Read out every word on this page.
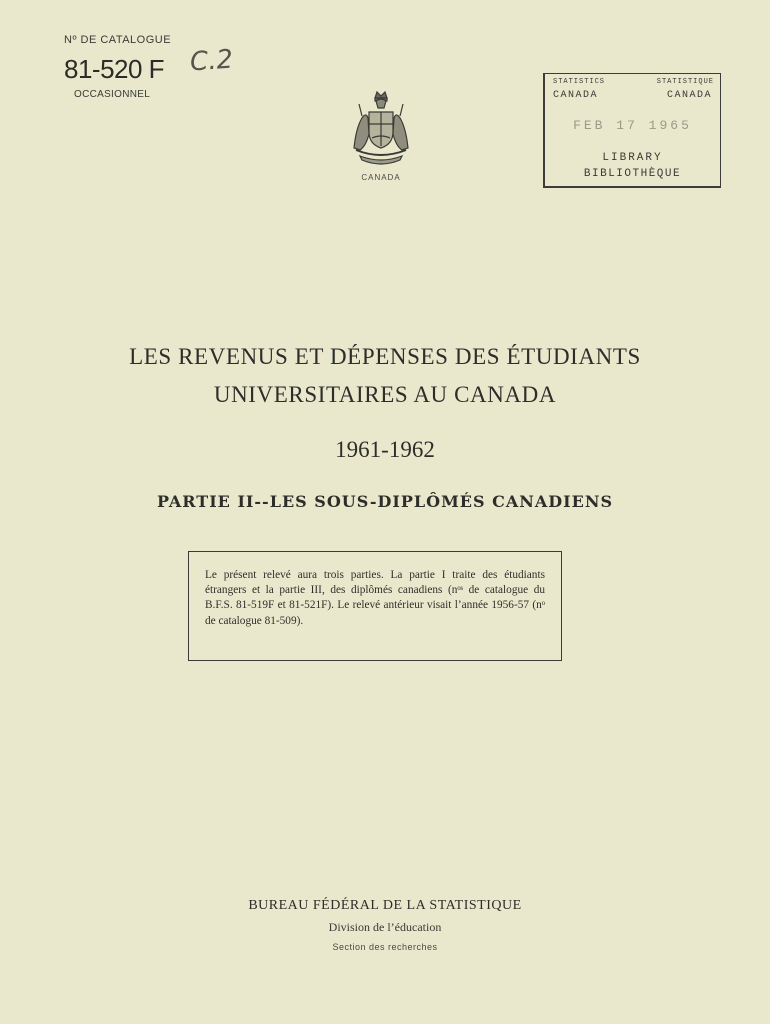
Nº DE CATALOGUE
81-520 F C.2
OCCASIONNEL
CANADA
STATISTICS	STATISTIQUE
CANADA	CANADA
FEB 17 1965
LIBRARY
BIBLIOTHÈQUE
LES REVENUS ET DÉPENSES DES ÉTUDIANTS
UNIVERSITAIRES AU CANADA
1961-1962
PARTIE II--LES SOUS-DIPLÔMÉS CANADIENS
Le présent relevé aura trois parties. La partie I traite des étudiants étrangers et la partie III, des diplômés canadiens (nᵒˢ de catalogue du B.F.S. 81-519F et 81-521F). Le relevé antérieur visait l’année 1956-57 (nᵒ de catalogue 81-509).
BUREAU FÉDÉRAL DE LA STATISTIQUE
Division de l’éducation
Section des recherches
